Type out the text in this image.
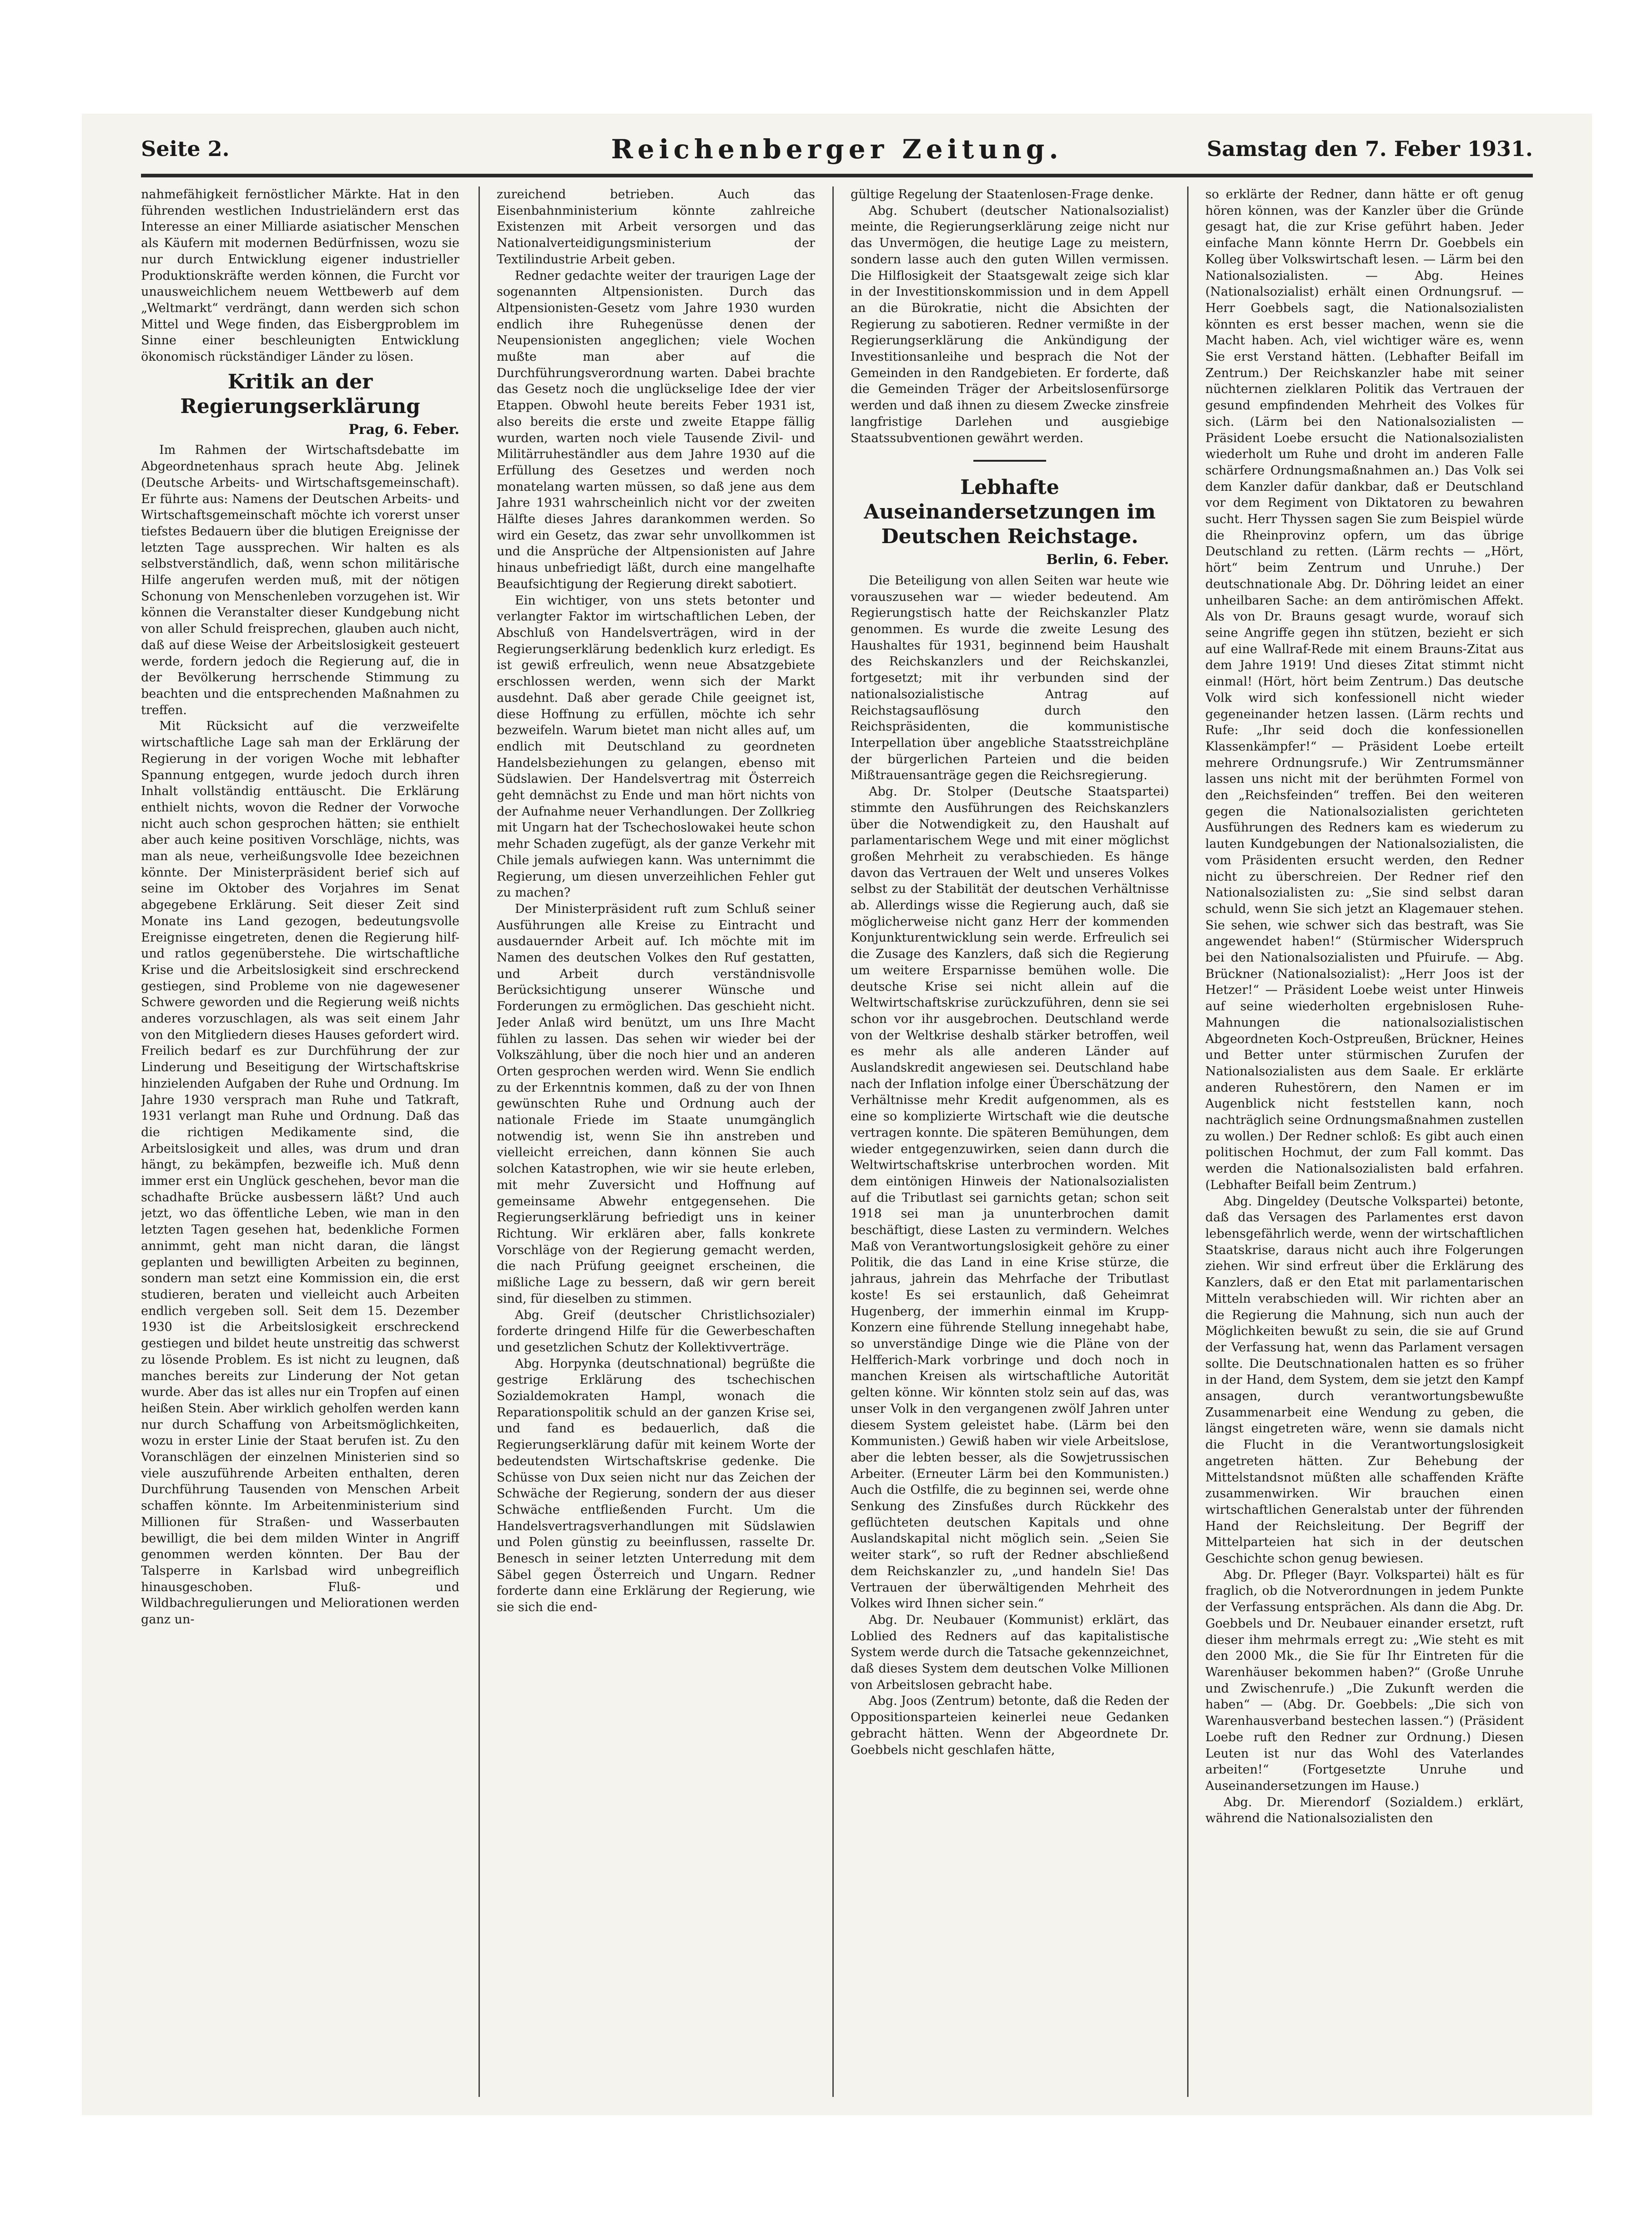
Seite 2.	Reichenberger Zeitung.	Samstag den 7. Feber 1931.

nahmefähigkeit fernöstlicher Märkte. Hat in den führenden westlichen Industrieländern erst das Interesse an einer Milliarde asiatischer Menschen als Käufern mit modernen Bedürfnissen, wozu sie nur durch Entwicklung eigener industrieller Produktionskräfte werden können, die Furcht vor unausweichlichem neuem Wettbewerb auf dem „Weltmarkt“ verdrängt, dann werden sich schon Mittel und Wege finden, das Eisbergproblem im Sinne einer beschleunigten Entwicklung ökonomisch rückständiger Länder zu lösen.

Kritik an der Regierungserklärung
Prag, 6. Feber.

Im Rahmen der Wirtschaftsdebatte im Abgeordnetenhaus sprach heute Abg. Jelinek (Deutsche Arbeits- und Wirtschaftsgemeinschaft). Er führte aus: Namens der Deutschen Arbeits- und Wirtschaftsgemeinschaft möchte ich vorerst unser tiefstes Bedauern über die blutigen Ereignisse der letzten Tage aussprechen. Wir halten es als selbstverständlich, daß, wenn schon militärische Hilfe angerufen werden muß, mit der nötigen Schonung von Menschenleben vorzugehen ist. Wir können die Veranstalter dieser Kundgebung nicht von aller Schuld freisprechen, glauben auch nicht, daß auf diese Weise der Arbeitslosigkeit gesteuert werde, fordern jedoch die Regierung auf, die in der Bevölkerung herrschende Stimmung zu beachten und die entsprechenden Maßnahmen zu treffen.

Mit Rücksicht auf die verzweifelte wirtschaftliche Lage sah man der Erklärung der Regierung in der vorigen Woche mit lebhafter Spannung entgegen, wurde jedoch durch ihren Inhalt vollständig enttäuscht. Die Erklärung enthielt nichts, wovon die Redner der Vorwoche nicht auch schon gesprochen hätten; sie enthielt aber auch keine positiven Vorschläge, nichts, was man als neue, verheißungsvolle Idee bezeichnen könnte. Der Ministerpräsident berief sich auf seine im Oktober des Vorjahres im Senat abgegebene Erklärung. Seit dieser Zeit sind Monate ins Land gezogen, bedeutungsvolle Ereignisse eingetreten, denen die Regierung hilf- und ratlos gegenüberstehe. Die wirtschaftliche Krise und die Arbeitslosigkeit sind erschreckend gestiegen, sind Probleme von nie dagewesener Schwere geworden und die Regierung weiß nichts anderes vorzuschlagen, als was seit einem Jahr von den Mitgliedern dieses Hauses gefordert wird. Freilich bedarf es zur Durchführung der zur Linderung und Beseitigung der Wirtschaftskrise hinzielenden Aufgaben der Ruhe und Ordnung. Im Jahre 1930 versprach man Ruhe und Tatkraft, 1931 verlangt man Ruhe und Ordnung. Daß das die richtigen Medikamente sind, die Arbeitslosigkeit und alles, was drum und dran hängt, zu bekämpfen, bezweifle ich. Muß denn immer erst ein Unglück geschehen, bevor man die schadhafte Brücke ausbessern läßt? Und auch jetzt, wo das öffentliche Leben, wie man in den letzten Tagen gesehen hat, bedenkliche Formen annimmt, geht man nicht daran, die längst geplanten und bewilligten Arbeiten zu beginnen, sondern man setzt eine Kommission ein, die erst studieren, beraten und vielleicht auch Arbeiten endlich vergeben soll. Seit dem 15. Dezember 1930 ist die Arbeitslosigkeit erschreckend gestiegen und bildet heute unstreitig das schwerst zu lösende Problem. Es ist nicht zu leugnen, daß manches bereits zur Linderung der Not getan wurde. Aber das ist alles nur ein Tropfen auf einen heißen Stein. Aber wirklich geholfen werden kann nur durch Schaffung von Arbeitsmöglichkeiten, wozu in erster Linie der Staat berufen ist. Zu den Voranschlägen der einzelnen Ministerien sind so viele auszuführende Arbeiten enthalten, deren Durchführung Tausenden von Menschen Arbeit schaffen könnte. Im Arbeitenministerium sind Millionen für Straßen- und Wasserbauten bewilligt, die bei dem milden Winter in Angriff genommen werden könnten. Der Bau der Talsperre in Karlsbad wird unbegreiflich hinausgeschoben. Fluß- und Wildbachregulierungen und Meliorationen werden ganz un-

zureichend betrieben. Auch das Eisenbahnministerium könnte zahlreiche Existenzen mit Arbeit versorgen und das Nationalverteidigungsministerium der Textilindustrie Arbeit geben.

Redner gedachte weiter der traurigen Lage der sogenannten Altpensionisten. Durch das Altpensionisten-Gesetz vom Jahre 1930 wurden endlich ihre Ruhegenüsse denen der Neupensionisten angeglichen; viele Wochen mußte man aber auf die Durchführungsverordnung warten. Dabei brachte das Gesetz noch die unglückselige Idee der vier Etappen. Obwohl heute bereits Feber 1931 ist, also bereits die erste und zweite Etappe fällig wurden, warten noch viele Tausende Zivil- und Militärruheständler aus dem Jahre 1930 auf die Erfüllung des Gesetzes und werden noch monatelang warten müssen, so daß jene aus dem Jahre 1931 wahrscheinlich nicht vor der zweiten Hälfte dieses Jahres darankommen werden. So wird ein Gesetz, das zwar sehr unvollkommen ist und die Ansprüche der Altpensionisten auf Jahre hinaus unbefriedigt läßt, durch eine mangelhafte Beaufsichtigung der Regierung direkt sabotiert.

Ein wichtiger, von uns stets betonter und verlangter Faktor im wirtschaftlichen Leben, der Abschluß von Handelsverträgen, wird in der Regierungserklärung bedenklich kurz erledigt. Es ist gewiß erfreulich, wenn neue Absatzgebiete erschlossen werden, wenn sich der Markt ausdehnt. Daß aber gerade Chile geeignet ist, diese Hoffnung zu erfüllen, möchte ich sehr bezweifeln. Warum bietet man nicht alles auf, um endlich mit Deutschland zu geordneten Handelsbeziehungen zu gelangen, ebenso mit Südslawien. Der Handelsvertrag mit Österreich geht demnächst zu Ende und man hört nichts von der Aufnahme neuer Verhandlungen. Der Zollkrieg mit Ungarn hat der Tschechoslowakei heute schon mehr Schaden zugefügt, als der ganze Verkehr mit Chile jemals aufwiegen kann. Was unternimmt die Regierung, um diesen unverzeihlichen Fehler gut zu machen?

Der Ministerpräsident ruft zum Schluß seiner Ausführungen alle Kreise zu Eintracht und ausdauernder Arbeit auf. Ich möchte mit im Namen des deutschen Volkes den Ruf gestatten, und Arbeit durch verständnisvolle Berücksichtigung unserer Wünsche und Forderungen zu ermöglichen. Das geschieht nicht. Jeder Anlaß wird benützt, um uns Ihre Macht fühlen zu lassen. Das sehen wir wieder bei der Volkszählung, über die noch hier und an anderen Orten gesprochen werden wird. Wenn Sie endlich zu der Erkenntnis kommen, daß zu der von Ihnen gewünschten Ruhe und Ordnung auch der nationale Friede im Staate unumgänglich notwendig ist, wenn Sie ihn anstreben und vielleicht erreichen, dann können Sie auch solchen Katastrophen, wie wir sie heute erleben, mit mehr Zuversicht und Hoffnung auf gemeinsame Abwehr entgegensehen. Die Regierungserklärung befriedigt uns in keiner Richtung. Wir erklären aber, falls konkrete Vorschläge von der Regierung gemacht werden, die nach Prüfung geeignet erscheinen, die mißliche Lage zu bessern, daß wir gern bereit sind, für dieselben zu stimmen.

Abg. Greif (deutscher Christlichsozialer) forderte dringend Hilfe für die Gewerbeschaften und gesetzlichen Schutz der Kollektivverträge.

Abg. Horpynka (deutschnational) begrüßte die gestrige Erklärung des tschechischen Sozialdemokraten Hampl, wonach die Reparationspolitik schuld an der ganzen Krise sei, und fand es bedauerlich, daß die Regierungserklärung dafür mit keinem Worte der bedeutendsten Wirtschaftskrise gedenke. Die Schüsse von Dux seien nicht nur das Zeichen der Schwäche der Regierung, sondern der aus dieser Schwäche entfließenden Furcht. Um die Handelsvertragsverhandlungen mit Südslawien und Polen günstig zu beeinflussen, rasselte Dr. Benesch in seiner letzten Unterredung mit dem Säbel gegen Österreich und Ungarn. Redner forderte dann eine Erklärung der Regierung, wie sie sich die end-

gültige Regelung der Staatenlosen-Frage denke.

Abg. Schubert (deutscher Nationalsozialist) meinte, die Regierungserklärung zeige nicht nur das Unvermögen, die heutige Lage zu meistern, sondern lasse auch den guten Willen vermissen. Die Hilflosigkeit der Staatsgewalt zeige sich klar in der Investitionskommission und in dem Appell an die Bürokratie, nicht die Absichten der Regierung zu sabotieren. Redner vermißte in der Regierungserklärung die Ankündigung der Investitionsanleihe und besprach die Not der Gemeinden in den Randgebieten. Er forderte, daß die Gemeinden Träger der Arbeitslosenfürsorge werden und daß ihnen zu diesem Zwecke zinsfreie langfristige Darlehen und ausgiebige Staatssubventionen gewährt werden.

Lebhafte Auseinandersetzungen im Deutschen Reichstage.
Berlin, 6. Feber.

Die Beteiligung von allen Seiten war heute wie vorauszusehen war — wieder bedeutend. Am Regierungstisch hatte der Reichskanzler Platz genommen. Es wurde die zweite Lesung des Haushaltes für 1931, beginnend beim Haushalt des Reichskanzlers und der Reichskanzlei, fortgesetzt; mit ihr verbunden sind der nationalsozialistische Antrag auf Reichstagsauflösung durch den Reichspräsidenten, die kommunistische Interpellation über angebliche Staatsstreichpläne der bürgerlichen Parteien und die beiden Mißtrauensanträge gegen die Reichsregierung.

Abg. Dr. Stolper (Deutsche Staatspartei) stimmte den Ausführungen des Reichskanzlers über die Notwendigkeit zu, den Haushalt auf parlamentarischem Wege und mit einer möglichst großen Mehrheit zu verabschieden. Es hänge davon das Vertrauen der Welt und unseres Volkes selbst zu der Stabilität der deutschen Verhältnisse ab. Allerdings wisse die Regierung auch, daß sie möglicherweise nicht ganz Herr der kommenden Konjunkturentwicklung sein werde. Erfreulich sei die Zusage des Kanzlers, daß sich die Regierung um weitere Ersparnisse bemühen wolle. Die deutsche Krise sei nicht allein auf die Weltwirtschaftskrise zurückzuführen, denn sie sei schon vor ihr ausgebrochen. Deutschland werde von der Weltkrise deshalb stärker betroffen, weil es mehr als alle anderen Länder auf Auslandskredit angewiesen sei. Deutschland habe nach der Inflation infolge einer Überschätzung der Verhältnisse mehr Kredit aufgenommen, als es eine so komplizierte Wirtschaft wie die deutsche vertragen konnte. Die späteren Bemühungen, dem wieder entgegenzuwirken, seien dann durch die Weltwirtschaftskrise unterbrochen worden. Mit dem eintönigen Hinweis der Nationalsozialisten auf die Tributlast sei garnichts getan; schon seit 1918 sei man ja ununterbrochen damit beschäftigt, diese Lasten zu vermindern. Welches Maß von Verantwortungslosigkeit gehöre zu einer Politik, die das Land in eine Krise stürze, die jahraus, jahrein das Mehrfache der Tributlast koste! Es sei erstaunlich, daß Geheimrat Hugenberg, der immerhin einmal im Krupp-Konzern eine führende Stellung innegehabt habe, so unverständige Dinge wie die Pläne von der Helfferich-Mark vorbringe und doch noch in manchen Kreisen als wirtschaftliche Autorität gelten könne. Wir könnten stolz sein auf das, was unser Volk in den vergangenen zwölf Jahren unter diesem System geleistet habe. (Lärm bei den Kommunisten.) Gewiß haben wir viele Arbeitslose, aber die lebten besser, als die Sowjetrussischen Arbeiter. (Erneuter Lärm bei den Kommunisten.) Auch die Ostfilfe, die zu beginnen sei, werde ohne Senkung des Zinsfußes durch Rückkehr des geflüchteten deutschen Kapitals und ohne Auslandskapital nicht möglich sein. „Seien Sie weiter stark“, so ruft der Redner abschließend dem Reichskanzler zu, „und handeln Sie! Das Vertrauen der überwältigenden Mehrheit des Volkes wird Ihnen sicher sein.“

Abg. Dr. Neubauer (Kommunist) erklärt, das Loblied des Redners auf das kapitalistische System werde durch die Tatsache gekennzeichnet, daß dieses System dem deutschen Volke Millionen von Arbeitslosen gebracht habe.

Abg. Joos (Zentrum) betonte, daß die Reden der Oppositionsparteien keinerlei neue Gedanken gebracht hätten. Wenn der Abgeordnete Dr. Goebbels nicht geschlafen hätte,

so erklärte der Redner, dann hätte er oft genug hören können, was der Kanzler über die Gründe gesagt hat, die zur Krise geführt haben. Jeder einfache Mann könnte Herrn Dr. Goebbels ein Kolleg über Volkswirtschaft lesen. — Lärm bei den Nationalsozialisten. — Abg. Heines (Nationalsozialist) erhält einen Ordnungsruf. — Herr Goebbels sagt, die Nationalsozialisten könnten es erst besser machen, wenn sie die Macht haben. Ach, viel wichtiger wäre es, wenn Sie erst Verstand hätten. (Lebhafter Beifall im Zentrum.) Der Reichskanzler habe mit seiner nüchternen zielklaren Politik das Vertrauen der gesund empfindenden Mehrheit des Volkes für sich. (Lärm bei den Nationalsozialisten — Präsident Loebe ersucht die Nationalsozialisten wiederholt um Ruhe und droht im anderen Falle schärfere Ordnungsmaßnahmen an.) Das Volk sei dem Kanzler dafür dankbar, daß er Deutschland vor dem Regiment von Diktatoren zu bewahren sucht. Herr Thyssen sagen Sie zum Beispiel würde die Rheinprovinz opfern, um das übrige Deutschland zu retten. (Lärm rechts — „Hört, hört“ beim Zentrum und Unruhe.) Der deutschnationale Abg. Dr. Döhring leidet an einer unheilbaren Sache: an dem antirömischen Affekt. Als von Dr. Brauns gesagt wurde, worauf sich seine Angriffe gegen ihn stützen, bezieht er sich auf eine Wallraf-Rede mit einem Brauns-Zitat aus dem Jahre 1919! Und dieses Zitat stimmt nicht einmal! (Hört, hört beim Zentrum.) Das deutsche Volk wird sich konfessionell nicht wieder gegeneinander hetzen lassen. (Lärm rechts und Rufe: „Ihr seid doch die konfessionellen Klassenkämpfer!“ — Präsident Loebe erteilt mehrere Ordnungsrufe.) Wir Zentrumsmänner lassen uns nicht mit der berühmten Formel von den „Reichsfeinden“ treffen. Bei den weiteren gegen die Nationalsozialisten gerichteten Ausführungen des Redners kam es wiederum zu lauten Kundgebungen der Nationalsozialisten, die vom Präsidenten ersucht werden, den Redner nicht zu überschreien. Der Redner rief den Nationalsozialisten zu: „Sie sind selbst daran schuld, wenn Sie sich jetzt an Klagemauer stehen. Sie sehen, wie schwer sich das bestraft, was Sie angewendet haben!“ (Stürmischer Widerspruch bei den Nationalsozialisten und Pfuirufe. — Abg. Brückner (Nationalsozialist): „Herr Joos ist der Hetzer!“ — Präsident Loebe weist unter Hinweis auf seine wiederholten ergebnislosen Ruhe-Mahnungen die nationalsozialistischen Abgeordneten Koch-Ostpreußen, Brückner, Heines und Better unter stürmischen Zurufen der Nationalsozialisten aus dem Saale. Er erklärte anderen Ruhestörern, den Namen er im Augenblick nicht feststellen kann, noch nachträglich seine Ordnungsmaßnahmen zustellen zu wollen.) Der Redner schloß: Es gibt auch einen politischen Hochmut, der zum Fall kommt. Das werden die Nationalsozialisten bald erfahren. (Lebhafter Beifall beim Zentrum.)

Abg. Dingeldey (Deutsche Volkspartei) betonte, daß das Versagen des Parlamentes erst davon lebensgefährlich werde, wenn der wirtschaftlichen Staatskrise, daraus nicht auch ihre Folgerungen ziehen. Wir sind erfreut über die Erklärung des Kanzlers, daß er den Etat mit parlamentarischen Mitteln verabschieden will. Wir richten aber an die Regierung die Mahnung, sich nun auch der Möglichkeiten bewußt zu sein, die sie auf Grund der Verfassung hat, wenn das Parlament versagen sollte. Die Deutschnationalen hatten es so früher in der Hand, dem System, dem sie jetzt den Kampf ansagen, durch verantwortungsbewußte Zusammenarbeit eine Wendung zu geben, die längst eingetreten wäre, wenn sie damals nicht die Flucht in die Verantwortungslosigkeit angetreten hätten. Zur Behebung der Mittelstandsnot müßten alle schaffenden Kräfte zusammenwirken. Wir brauchen einen wirtschaftlichen Generalstab unter der führenden Hand der Reichsleitung. Der Begriff der Mittelparteien hat sich in der deutschen Geschichte schon genug bewiesen.

Abg. Dr. Pfleger (Bayr. Volkspartei) hält es für fraglich, ob die Notverordnungen in jedem Punkte der Verfassung entsprächen. Als dann die Abg. Dr. Goebbels und Dr. Neubauer einander ersetzt, ruft dieser ihm mehrmals erregt zu: „Wie steht es mit den 2000 Mk., die Sie für Ihr Eintreten für die Warenhäuser bekommen haben?“ (Große Unruhe und Zwischenrufe.) „Die Zukunft werden die haben“ — (Abg. Dr. Goebbels: „Die sich von Warenhausverband bestechen lassen.“) (Präsident Loebe ruft den Redner zur Ordnung.) Diesen Leuten ist nur das Wohl des Vaterlandes arbeiten!“ (Fortgesetzte Unruhe und Auseinandersetzungen im Hause.)

Abg. Dr. Mierendorf (Sozialdem.) erklärt, während die Nationalsozialisten den
